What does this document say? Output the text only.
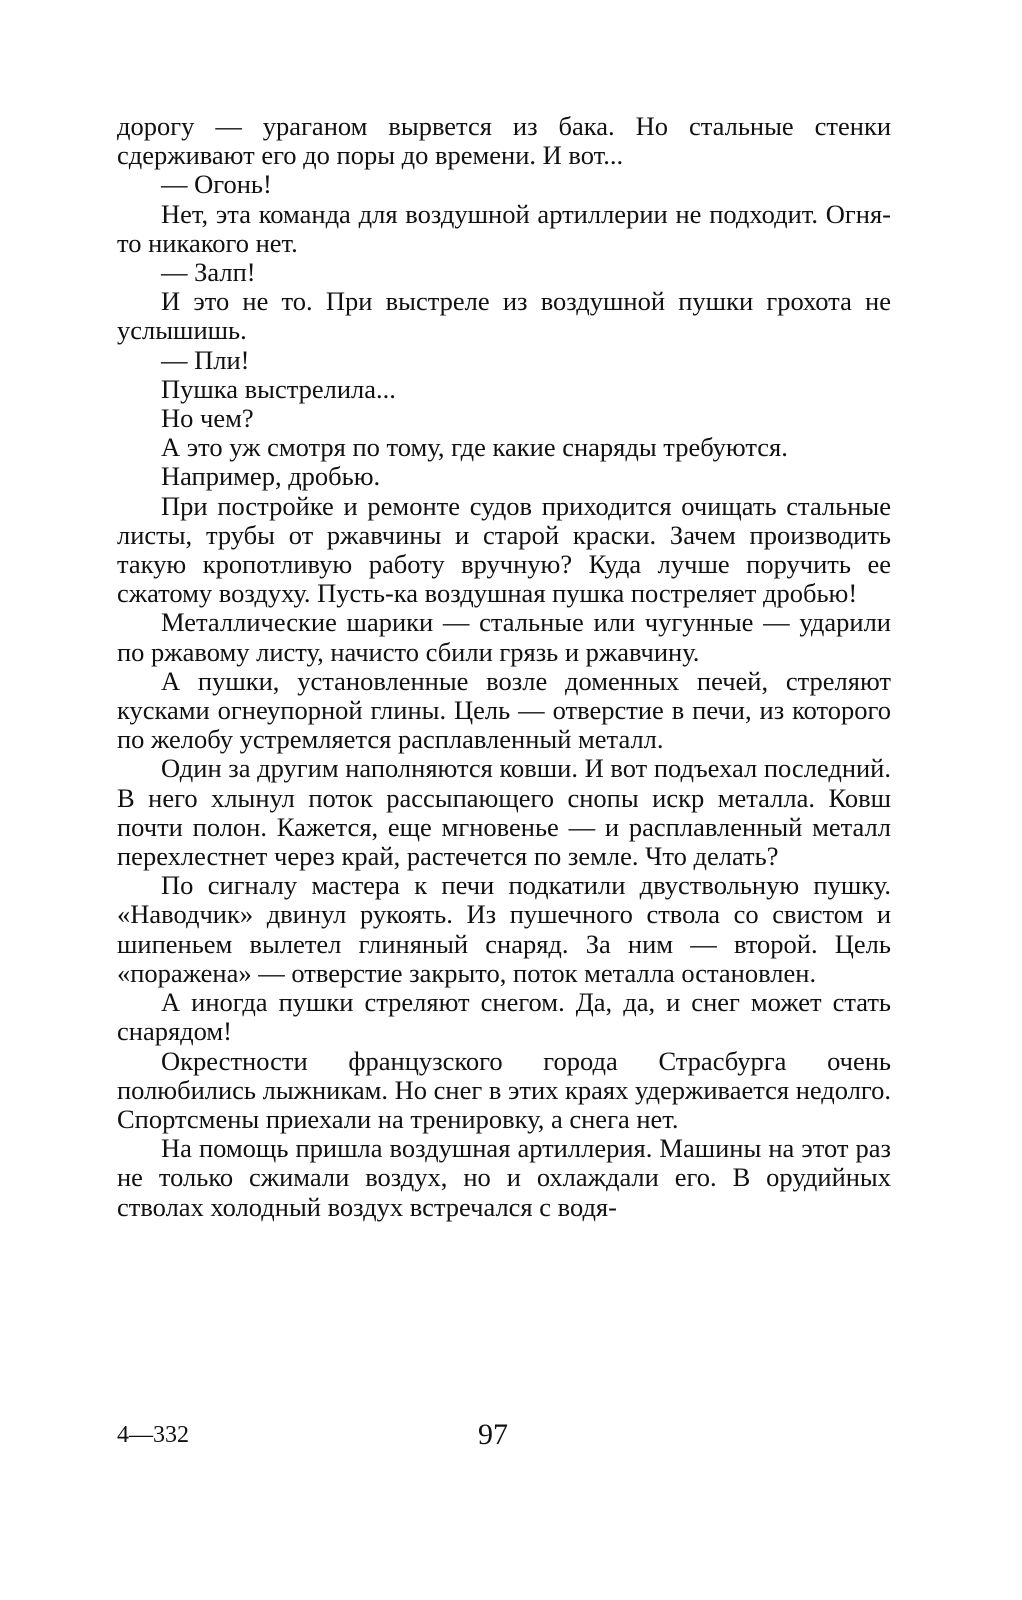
дорогу — ураганом вырвется из бака. Но стальные стенки сдерживают его до поры до времени. И вот...

— Огонь!

Нет, эта команда для воздушной артиллерии не подходит. Огня-то никакого нет.

— Залп!

И это не то. При выстреле из воздушной пушки грохота не услышишь.

— Пли!

Пушка выстрелила...

Но чем?

А это уж смотря по тому, где какие снаряды требуются.

Например, дробью.

При постройке и ремонте судов приходится очищать стальные листы, трубы от ржавчины и старой краски. Зачем производить такую кропотливую работу вручную? Куда лучше поручить ее сжатому воздуху. Пусть-ка воздушная пушка постреляет дробью!

Металлические шарики — стальные или чугунные — ударили по ржавому листу, начисто сбили грязь и ржавчину.

А пушки, установленные возле доменных печей, стреляют кусками огнеупорной глины. Цель — отверстие в печи, из которого по желобу устремляется расплавленный металл.

Один за другим наполняются ковши. И вот подъехал последний. В него хлынул поток рассыпающего снопы искр металла. Ковш почти полон. Кажется, еще мгновенье — и расплавленный металл перехлестнет через край, растечется по земле. Что делать?

По сигналу мастера к печи подкатили двуствольную пушку. «Наводчик» двинул рукоять. Из пушечного ствола со свистом и шипеньем вылетел глиняный снаряд. За ним — второй. Цель «поражена» — отверстие закрыто, поток металла остановлен.

А иногда пушки стреляют снегом. Да, да, и снег может стать снарядом!

Окрестности французского города Страсбурга очень полюбились лыжникам. Но снег в этих краях удерживается недолго. Спортсмены приехали на тренировку, а снега нет.

На помощь пришла воздушная артиллерия. Машины на этот раз не только сжимали воздух, но и охлаждали его. В орудийных стволах холодный воздух встречался с водя-

4—332	97
